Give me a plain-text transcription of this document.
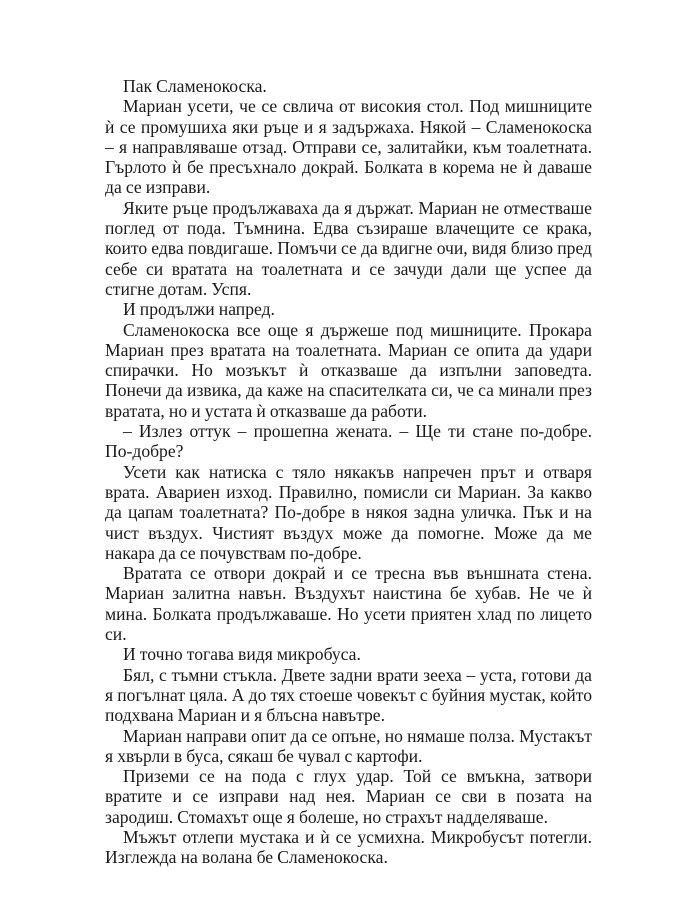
Пак Сламенокоска.

Мариан усети, че се свлича от високия стол. Под мишниците ѝ се промушиха яки ръце и я задържаха. Някой – Сламенокоска – я направляваше отзад. Отправи се, залитайки, към тоалетната. Гърлото ѝ бе пресъхнало докрай. Болката в корема не ѝ даваше да се изправи.

Яките ръце продължаваха да я държат. Мариан не отместваше поглед от пода. Тъмнина. Едва съзираше влачещите се крака, които едва повдигаше. Помъчи се да вдигне очи, видя близо пред себе си вратата на тоалетната и се зачуди дали ще успее да стигне дотам. Успя.

И продължи напред.

Сламенокоска все още я държеше под мишниците. Прокара Мариан през вратата на тоалетната. Мариан се опита да удари спирачки. Но мозъкът ѝ отказваше да изпълни заповедта. Понечи да извика, да каже на спасителката си, че са минали през вратата, но и устата ѝ отказваше да работи.

– Излез оттук – прошепна жената. – Ще ти стане по-добре. По-добре?

Усети как натиска с тяло някакъв напречен прът и отваря врата. Авариен изход. Правилно, помисли си Мариан. За какво да цапам тоалетната? По-добре в някоя задна уличка. Пък и на чист въздух. Чистият въздух може да помогне. Може да ме накара да се почувствам по-добре.

Вратата се отвори докрай и се тресна във външната стена. Мариан залитна навън. Въздухът наистина бе хубав. Не че ѝ мина. Болката продължаваше. Но усети приятен хлад по лицето си.

И точно тогава видя микробуса.

Бял, с тъмни стъкла. Двете задни врати зееха – уста, готови да я погълнат цяла. А до тях стоеше човекът с буйния мустак, който подхвана Мариан и я блъсна навътре.

Мариан направи опит да се опъне, но нямаше полза. Мустакът я хвърли в буса, сякаш бе чувал с картофи.

Приземи се на пода с глух удар. Той се вмъкна, затвори вратите и се изправи над нея. Мариан се сви в позата на зародиш. Стомахът още я болеше, но страхът надделяваше.

Мъжът отлепи мустака и ѝ се усмихна. Микробусът потегли. Изглежда на волана бе Сламенокоска.
